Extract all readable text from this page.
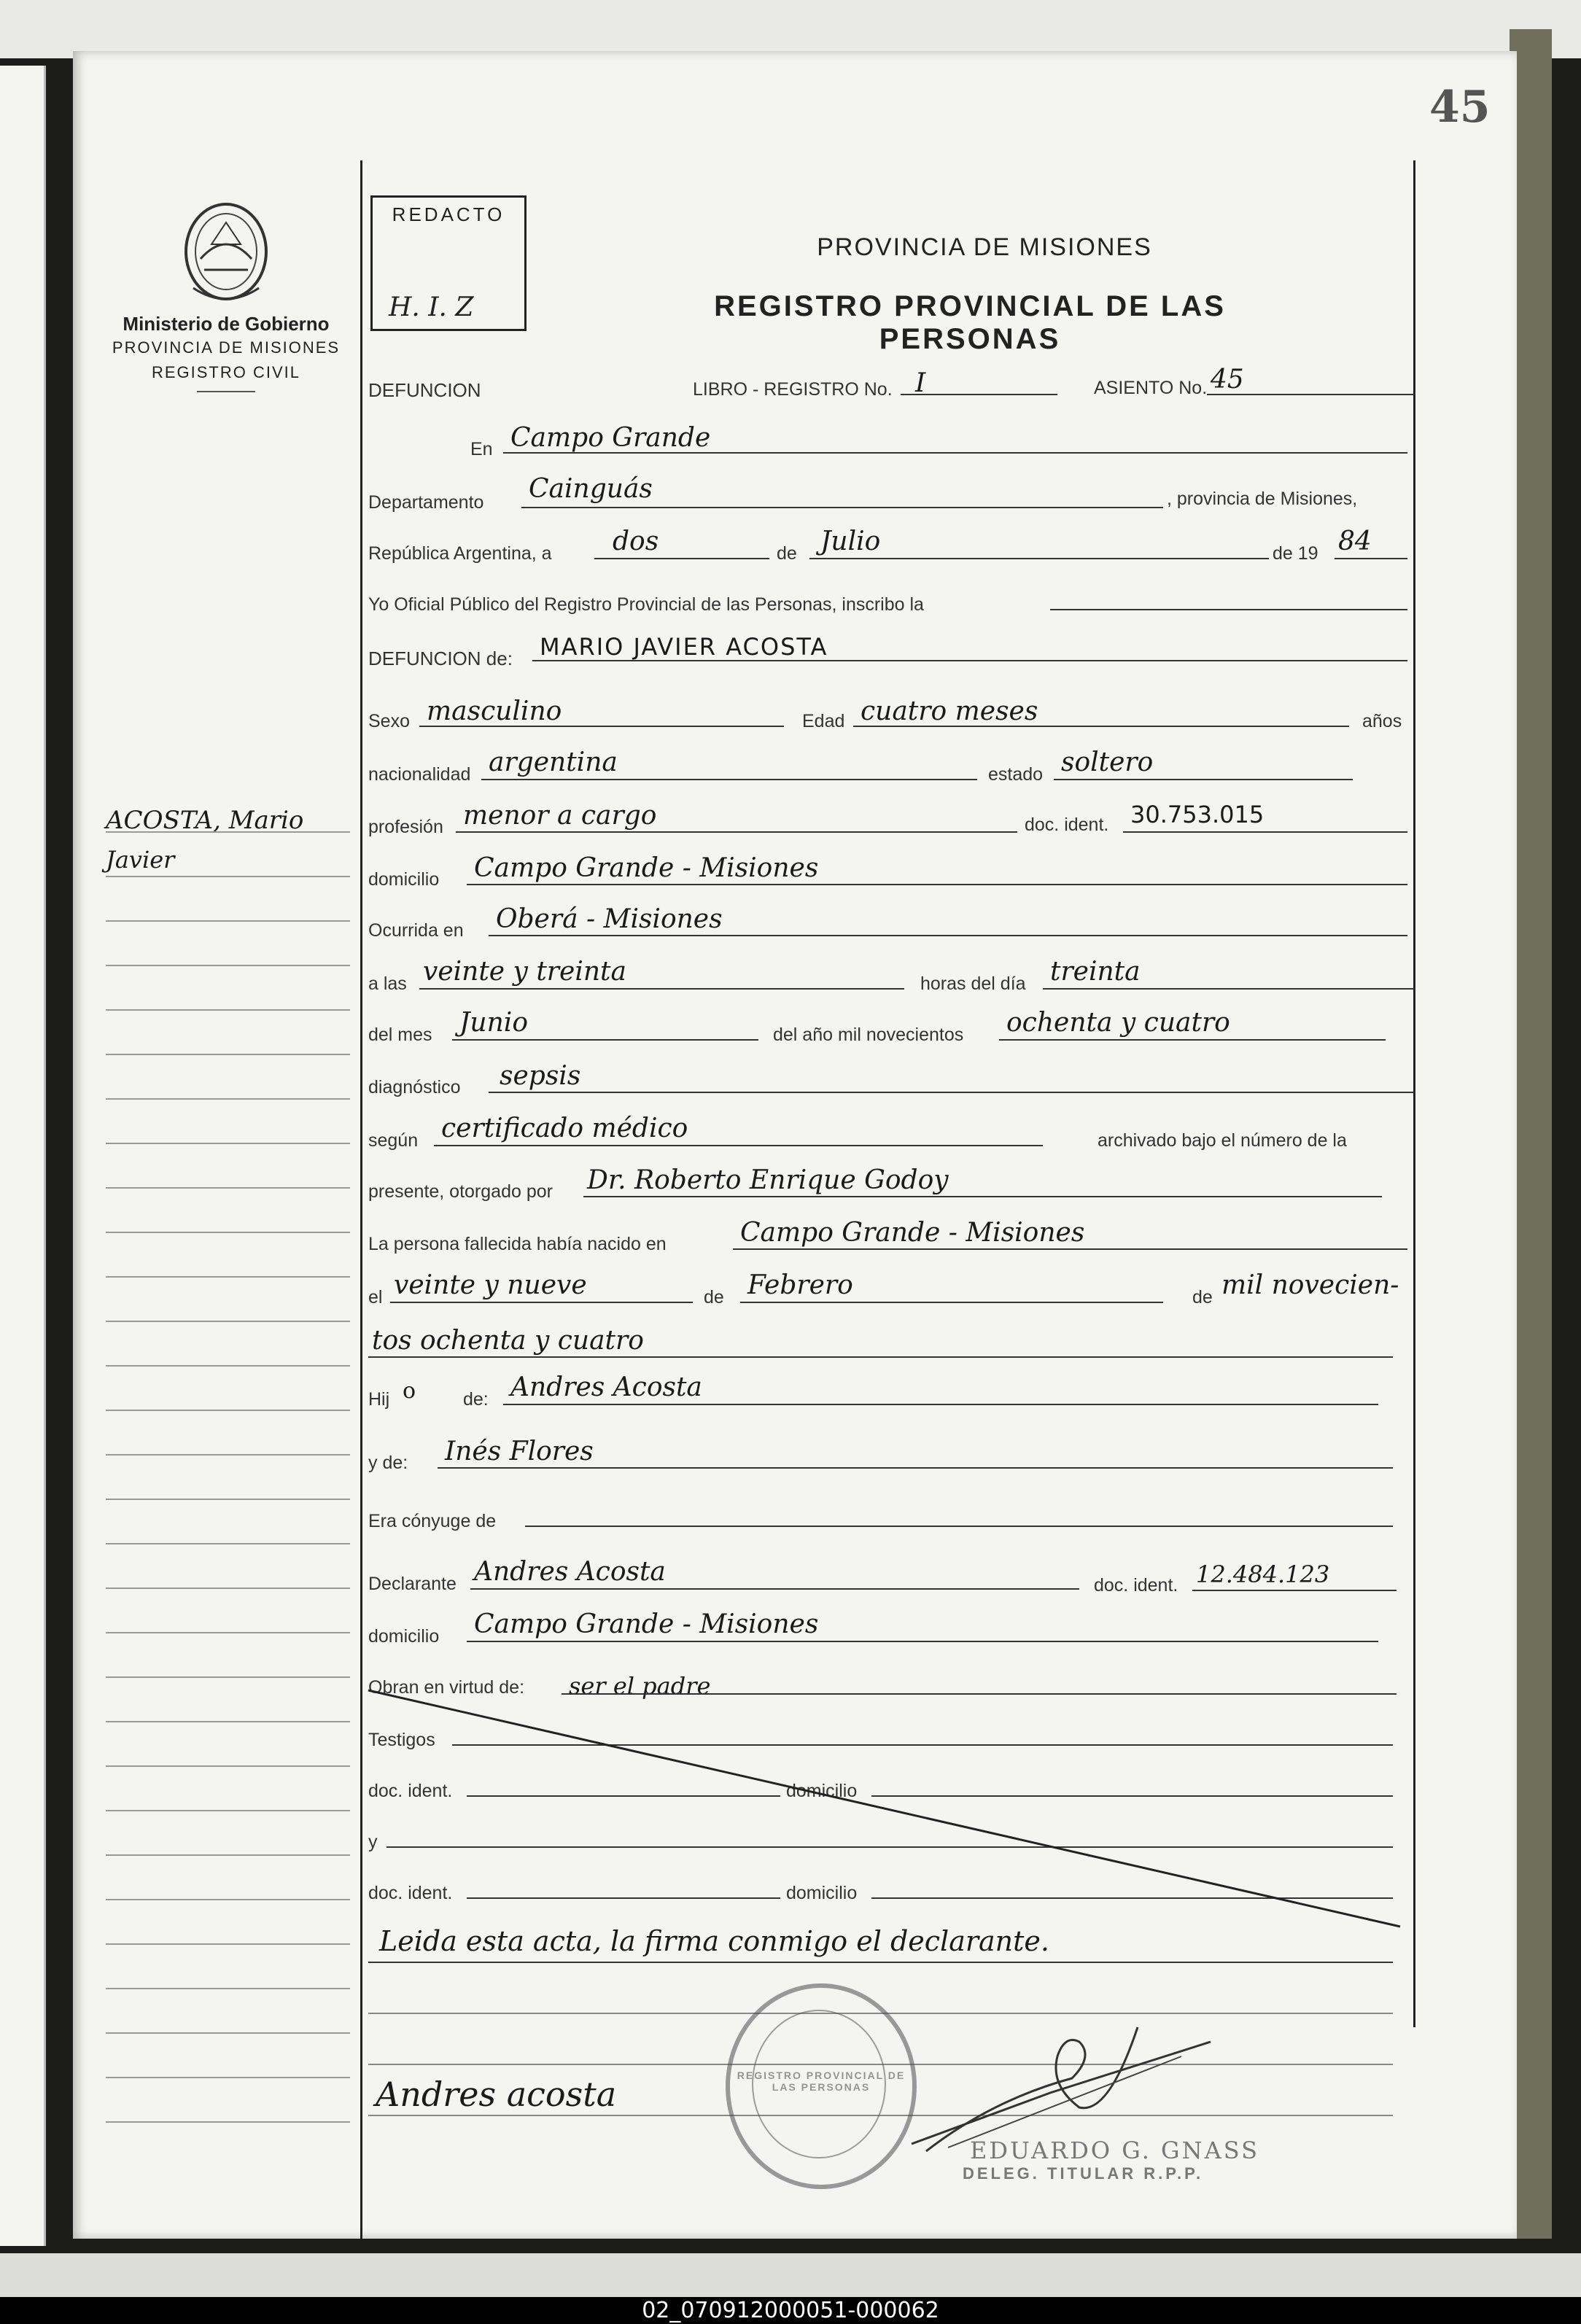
45
Ministerio de Gobierno
PROVINCIA DE MISIONES
REGISTRO CIVIL
REDACTO
H. I. Z
PROVINCIA DE MISIONES
REGISTRO PROVINCIAL DE LAS PERSONAS
ACOSTA, Mario
Javier
DEFUNCION	LIBRO - REGISTRO No. I	ASIENTO No. 45
En Campo Grande
Departamento Cainguás	, provincia de Misiones,
República Argentina, a dos	de Julio	de 19 84
Yo Oficial Público del Registro Provincial de las Personas, inscribo la
DEFUNCION de: MARIO JAVIER ACOSTA
Sexo masculino	Edad cuatro meses	años
nacionalidad argentina	estado soltero
profesión menor a cargo	doc. ident. 30.753.015
domicilio Campo Grande - Misiones
Ocurrida en Oberá - Misiones
a las veinte y treinta	horas del día treinta
del mes Junio	del año mil novecientos ochenta y cuatro
diagnóstico sepsis
según certificado médico	archivado bajo el número de la
presente, otorgado por Dr. Roberto Enrique Godoy
La persona fallecida había nacido en	Campo Grande - Misiones
el veinte y nueve	de Febrero	de mil novecien-
tos ochenta y cuatro
Hij o	de: Andres Acosta
y de: Inés Flores
Era cónyuge de
Declarante Andres Acosta	doc. ident. 12.484.123
domicilio Campo Grande - Misiones
Obran en virtud de: ser el padre
Testigos
doc. ident.	domicilio
y
doc. ident.	domicilio
Leida esta acta, la firma conmigo el declarante.
Andres acosta	REGISTRO PROVINCIAL DE LAS PERSONAS
EDUARDO G. GNASS
DELEG. TITULAR R.P.P.
02_070912000051-000062
